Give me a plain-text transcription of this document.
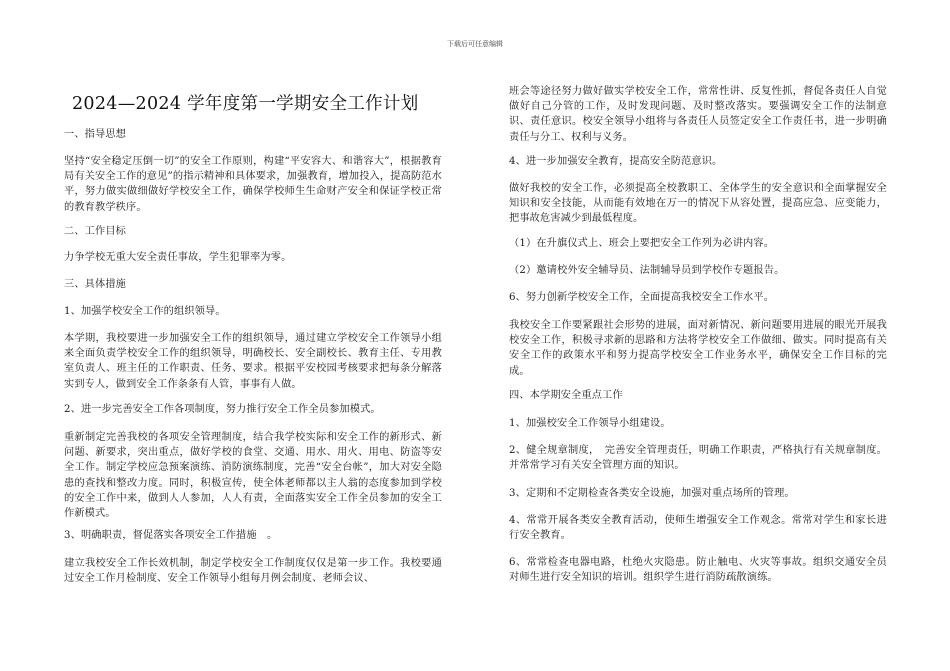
下载后可任意编辑
2024—2024 学年度第一学期安全工作计划

一、指导思想

坚持“安全稳定压倒一切”的安全工作原则，构建“平安容大、和谐容大”，根据教育局有关安全工作的意见”的指示精神和具体要求，加强教育，增加投入，提高防范水平，努力做实做细做好学校安全工作，确保学校师生生命财产安全和保证学校正常的教育教学秩序。

二、工作目标

力争学校无重大安全责任事故，学生犯罪率为零。

三、具体措施

1、加强学校安全工作的组织领导。

本学期，我校要进一步加强安全工作的组织领导，通过建立学校安全工作领导小组来全面负责学校安全工作的组织领导，明确校长、安全副校长、教育主任、专用教室负责人、班主任的工作职责、任务、要求。根据平安校园考核要求把每条分解落实到专人，做到安全工作条条有人管，事事有人做。

2、进一步完善安全工作各项制度，努力推行安全工作全员参加模式。

重新制定完善我校的各项安全管理制度，结合我学校实际和安全工作的新形式、新问题、新要求，突出重点，做好学校的食堂、交通、用水、用火、用电、防盗等安全工作。制定学校应急预案演练、消防演练制度，完善“安全台帐”，加大对安全隐患的查找和整改力度。同时，积极宣传，使全体老师都以主人翁的态度参加到学校的安全工作中来，做到人人参加，人人有责，全面落实安全工作全员参加的安全工作新模式。

3、明确职责，督促落实各项安全工作措施　。

建立我校安全工作长效机制，制定学校安全工作制度仅仅是第一步工作。我校要通过安全工作月检制度、安全工作领导小组每月例会制度、老师会议、

班会等途径努力做好做实学校安全工作，常常性讲、反复性抓，督促各责任人自觉做好自己分管的工作，及时发现问题、及时整改落实。要强调安全工作的法制意识、责任意识。校安全领导小组将与各责任人员签定安全工作责任书，进一步明确责任与分工、权利与义务。

4、进一步加强安全教育，提高安全防范意识。

做好我校的安全工作，必须提高全校教职工、全体学生的安全意识和全面掌握安全知识和安全技能，从而能有效地在万一的情况下从容处置，提高应急、应变能力，把事故危害减少到最低程度。

（1）在升旗仪式上、班会上要把安全工作列为必讲内容。

（2）邀请校外安全辅导员、法制辅导员到学校作专题报告。

6、努力创新学校安全工作，全面提高我校安全工作水平。

我校安全工作要紧跟社会形势的进展，面对新情况、新问题要用进展的眼光开展我校安全工作，积极寻求新的思路和方法将学校安全工作做细、做实。同时提高有关安全工作的政策水平和努力提高学校安全工作业务水平，确保安全工作目标的完成。

四、本学期安全重点工作

1、加强校安全工作领导小组建设。

2、健全规章制度，　完善安全管理责任，明确工作职责，严格执行有关规章制度。并常常学习有关安全管理方面的知识。

3、定期和不定期检查各类安全设施，加强对重点场所的管理。

4、常常开展各类安全教育活动，使师生增强安全工作观念。常常对学生和家长进行安全教育。

6、常常检查电器电路，杜绝火灾隐患。防止触电、火灾等事故。组织交通安全员对师生进行安全知识的培训。组织学生进行消防疏散演练。
